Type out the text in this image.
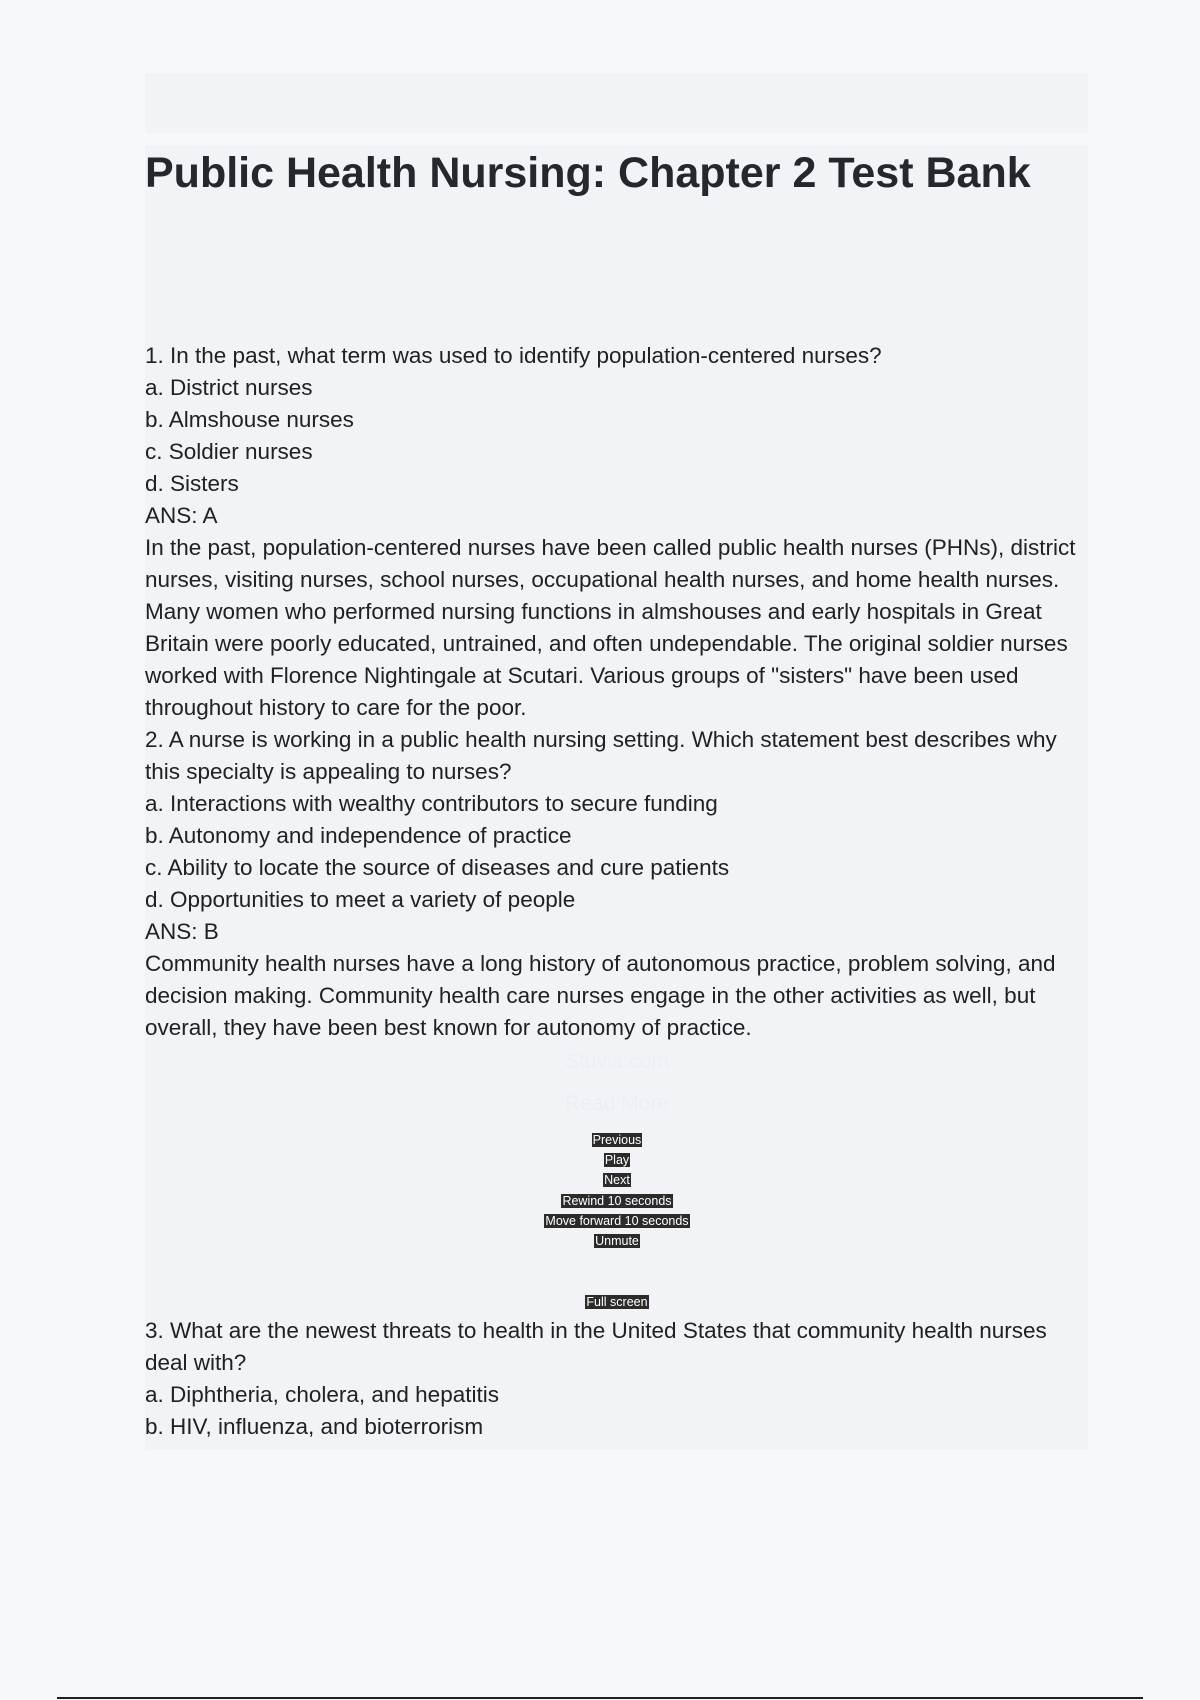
Public Health Nursing: Chapter 2 Test Bank
1. In the past, what term was used to identify population-centered nurses?
a. District nurses
b. Almshouse nurses
c. Soldier nurses
d. Sisters
ANS: A
In the past, population-centered nurses have been called public health nurses (PHNs), district nurses, visiting nurses, school nurses, occupational health nurses, and home health nurses. Many women who performed nursing functions in almshouses and early hospitals in Great Britain were poorly educated, untrained, and often undependable. The original soldier nurses worked with Florence Nightingale at Scutari. Various groups of "sisters" have been used throughout history to care for the poor.
2. A nurse is working in a public health nursing setting. Which statement best describes why this specialty is appealing to nurses?
a. Interactions with wealthy contributors to secure funding
b. Autonomy and independence of practice
c. Ability to locate the source of diseases and cure patients
d. Opportunities to meet a variety of people
ANS: B
Community health nurses have a long history of autonomous practice, problem solving, and decision making. Community health care nurses engage in the other activities as well, but overall, they have been best known for autonomy of practice.
Stuvia.com
Read More
Previous
Play
Next
Rewind 10 seconds
Move forward 10 seconds
Unmute
0:00
0:00
Full screen
3. What are the newest threats to health in the United States that community health nurses deal with?
a. Diphtheria, cholera, and hepatitis
b. HIV, influenza, and bioterrorism
